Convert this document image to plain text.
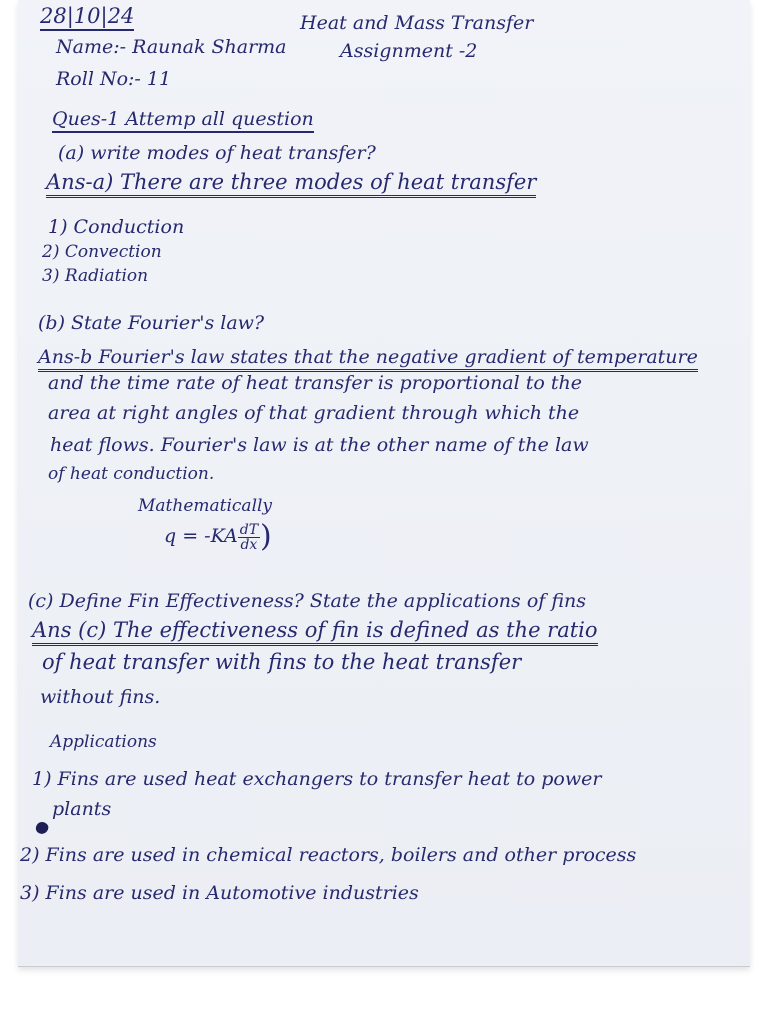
28|10|24	Heat and Mass Transfer
Assignment -2
Name:- Raunak Sharma
Roll No:- 11
Ques-1 Attemp all question
(a) write modes of heat transfer?
Ans-a) There are three modes of heat transfer
1) Conduction
2) Convection
3) Radiation
(b) State Fourier's law?
Ans-b Fourier's law states that the negative gradient of temperature
and the time rate of heat transfer is proportional to the
area at right angles of that gradient through which the
heat flows. Fourier's law is at the other name of the law
of heat conduction.
Mathematically
$q = -KA \frac{dT}{dx}$ )
(c) Define Fin Effectiveness? State the applications of fins
Ans (c) The effectiveness of fin is defined as the ratio
of heat transfer with fins to the heat transfer
without fins.
Applications
1) Fins are used heat exchangers to transfer heat to power
plants
2) Fins are used in chemical reactors, boilers and other process
3) Fins are used in Automotive industries
